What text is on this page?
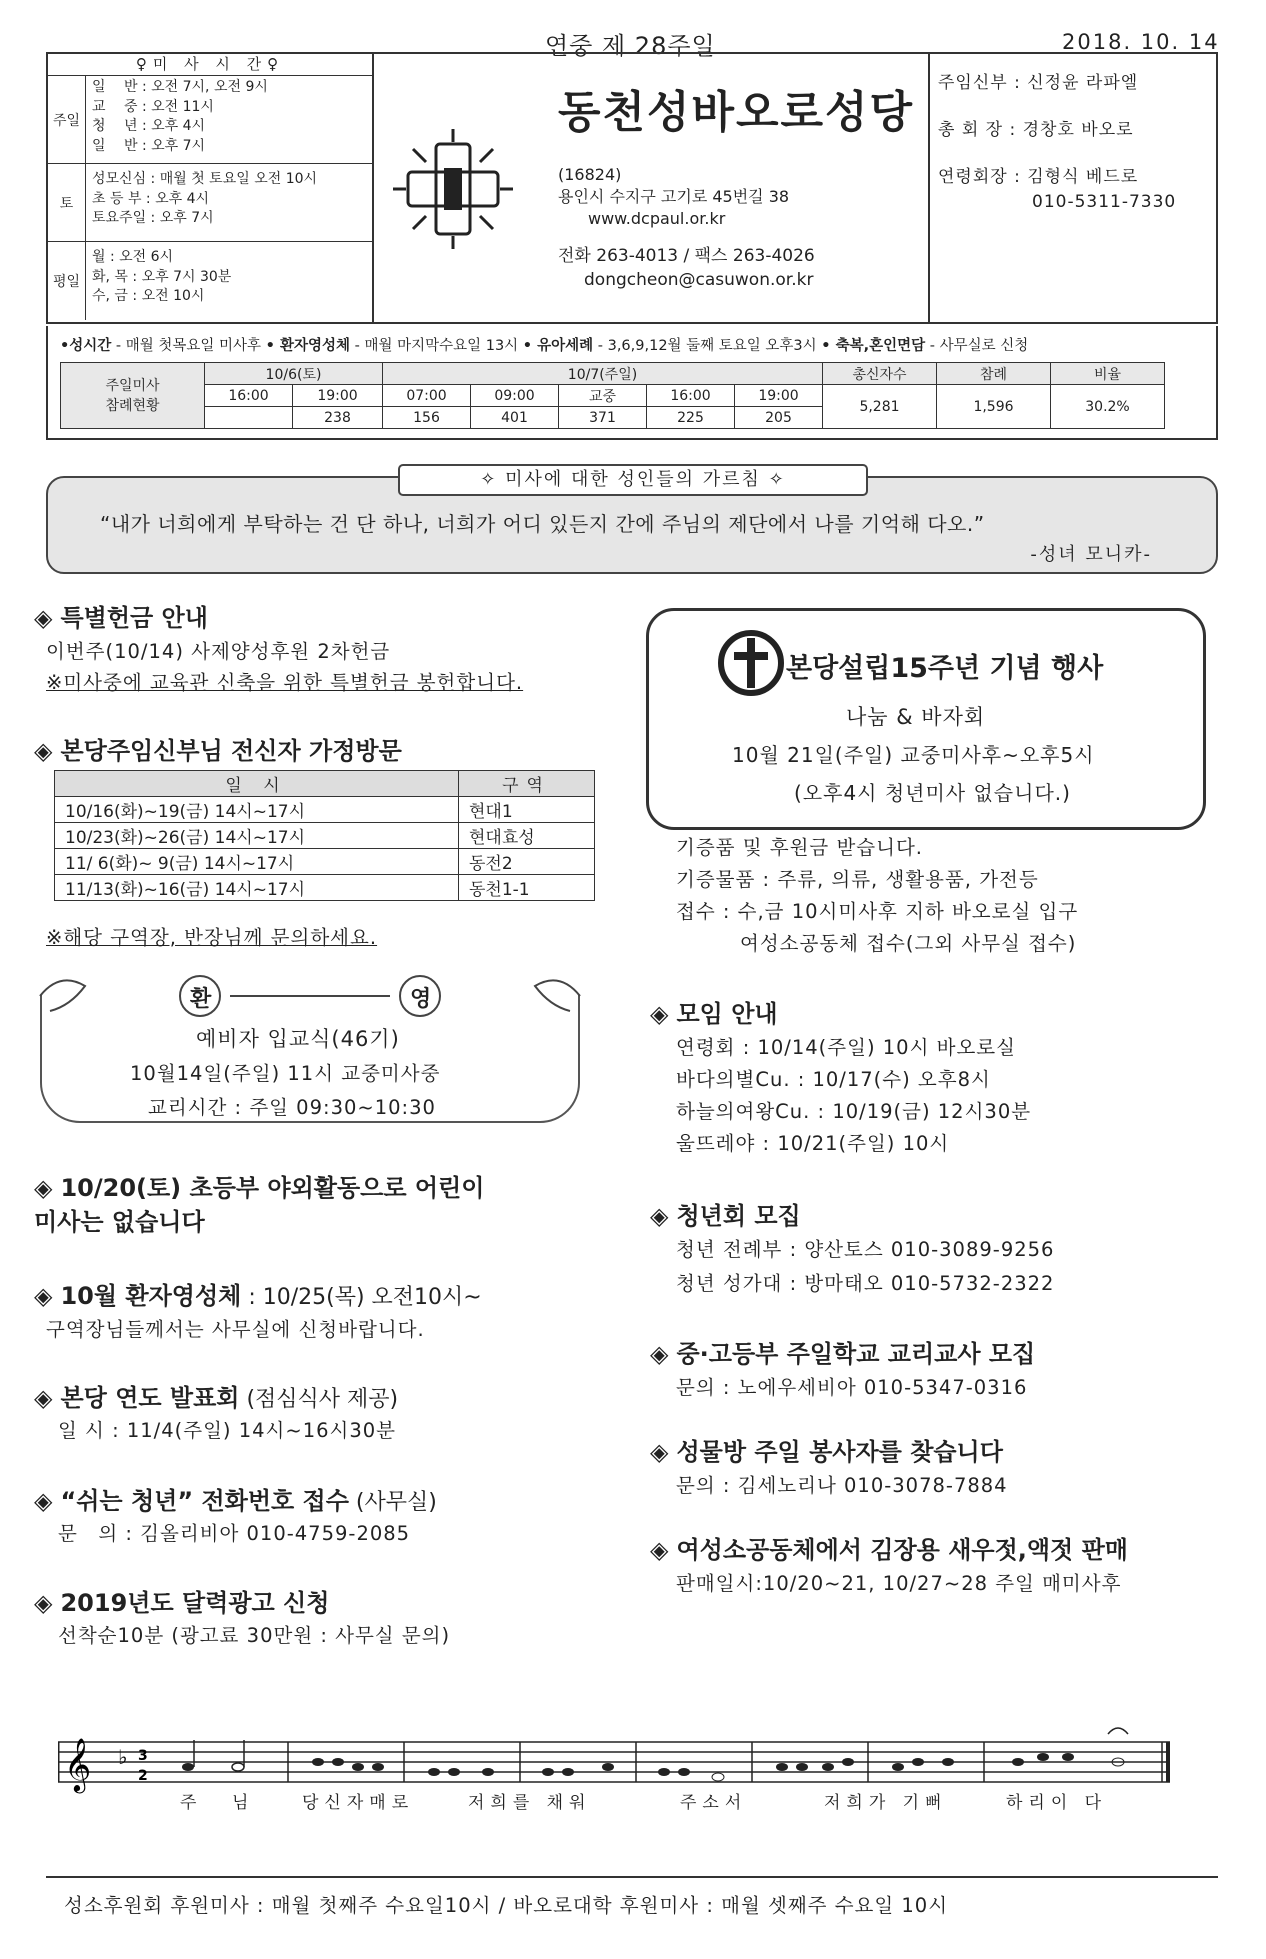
연중 제 28주일	2018. 10. 14
♀미 사 시 간♀
주일
일　 반 : 오전 7시, 오전 9시
교　 중 : 오전 11시
청　 년 : 오후 4시
일　 반 : 오후 7시
토
성모신심 : 매월 첫 토요일 오전 10시
초 등 부 : 오후 4시
토요주일 : 오후 7시
평일
월 : 오전 6시
화, 목 : 오후 7시 30분
수, 금 : 오전 10시
동천성바오로성당
(16824)
용인시 수지구 고기로 45번길 38
www.dcpaul.or.kr
전화 263-4013 / 팩스 263-4026
dongcheon@casuwon.or.kr
주임신부 : 신정윤 라파엘
총 회 장 : 경창호 바오로
연령회장 : 김형식 베드로
010-5311-7330
•성시간 - 매월 첫목요일 미사후 • 환자영성체 - 매월 마지막수요일 13시 • 유아세례 - 3,6,9,12월 둘째 토요일 오후3시 • 축복,혼인면담 - 사무실로 신청
주일미사
참례현황	10/6(토)		10/7(주일)					총신자수	참례	비율
	16:00	19:00	07:00	09:00	교중	16:00	19:00	5,281	1,596	30.2%
		238	156	401	371	225	205			
✧ 미사에 대한 성인들의 가르침 ✧
“내가 너희에게 부탁하는 건 단 하나, 너희가 어디 있든지 간에 주님의 제단에서 나를 기억해 다오.”
-성녀 모니카-
◈ 특별헌금 안내
이번주(10/14) 사제양성후원 2차헌금
※미사중에 교육관 신축을 위한 특별헌금 봉헌합니다.
◈ 본당주임신부님 전신자 가정방문
일 시	구역
10/16(화)~19(금) 14시~17시	현대1
10/23(화)~26(금) 14시~17시	현대효성
11/ 6(화)~ 9(금) 14시~17시	동전2
11/13(화)~16(금) 14시~17시	동천1-1
※해당 구역장, 반장님께 문의하세요.
환	영
예비자 입교식(46기)
10월14일(주일) 11시 교중미사중
교리시간 : 주일 09:30~10:30
◈ 10/20(토) 초등부 야외활동으로 어린이
미사는 없습니다
◈ 10월 환자영성체 : 10/25(목) 오전10시~
구역장님들께서는 사무실에 신청바랍니다.
◈ 본당 연도 발표회 (점심식사 제공)
일 시 : 11/4(주일) 14시~16시30분
◈ “쉬는 청년” 전화번호 접수 (사무실)
문　의 : 김올리비아 010-4759-2085
◈ 2019년도 달력광고 신청
선착순10분 (광고료 30만원 : 사무실 문의)
본당설립15주년 기념 행사
나눔 & 바자회
10월 21일(주일) 교중미사후~오후5시
(오후4시 청년미사 없습니다.)
기증품 및 후원금 받습니다.
기증물품 : 주류, 의류, 생활용품, 가전등
접수 : 수,금 10시미사후 지하 바오로실 입구
여성소공동체 접수(그외 사무실 접수)
◈ 모임 안내
연령회 : 10/14(주일) 10시 바오로실
바다의별Cu. : 10/17(수) 오후8시
하늘의여왕Cu. : 10/19(금) 12시30분
울뜨레야 : 10/21(주일) 10시
◈ 청년회 모집
청년 전례부 : 양산토스 010-3089-9256
청년 성가대 : 방마태오 010-5732-2322
◈ 중·고등부 주일학교 교리교사 모집
문의 : 노에우세비아 010-5347-0316
◈ 성물방 주일 봉사자를 찾습니다
문의 : 김세노리나 010-3078-7884
◈ 여성소공동체에서 김장용 새우젓,액젓 판매
판매일시:10/20~21, 10/27~28 주일 매미사후
𝄞 ♭ 3
2
주 님	당신자매로	저희를 채워	주소서	저희가 기뻐	하리이 다
성소후원회 후원미사 : 매월 첫째주 수요일10시 / 바오로대학 후원미사 : 매월 셋째주 수요일 10시
